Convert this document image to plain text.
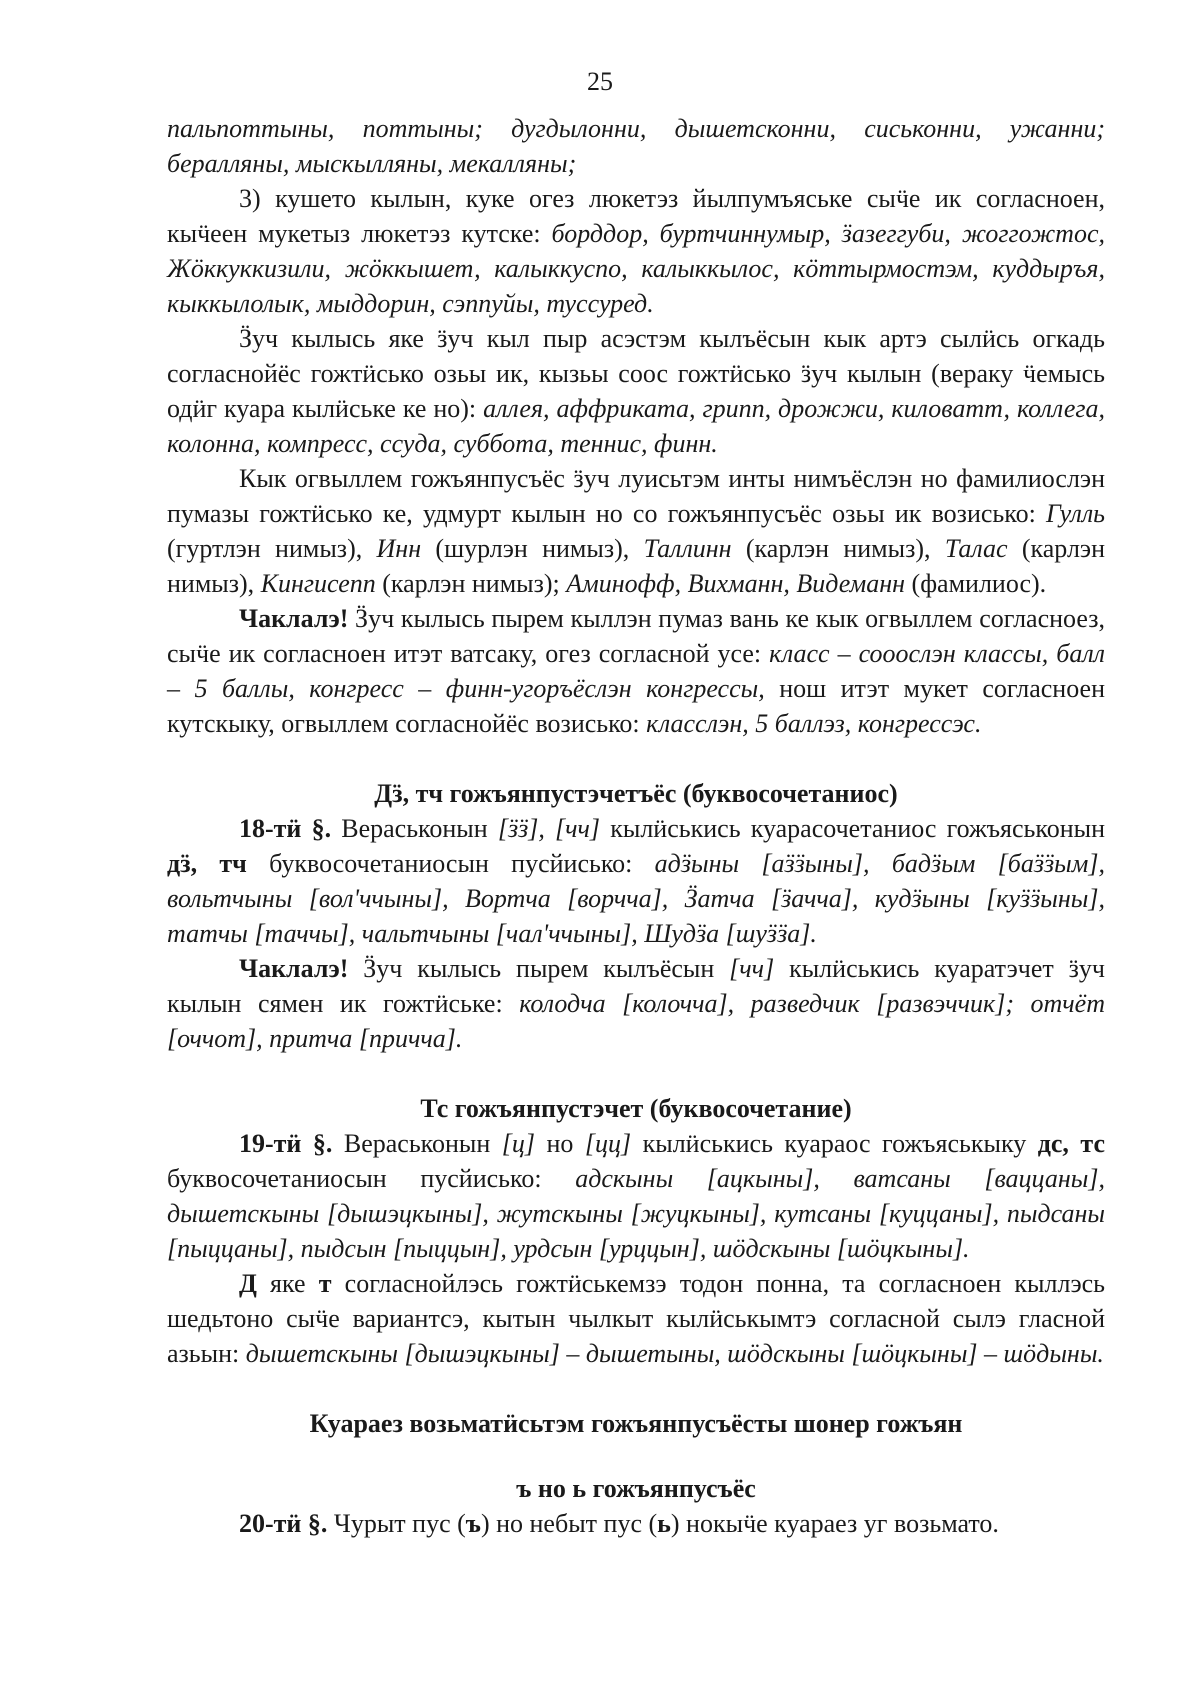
25

пальпоттыны, поттыны; дугдылонни, дышетсконни, сиськонни, ужанни; бералляны, мыскылляны, мекалляны;

3) кушето кылын, куке огез люкетэз йылпумъяське сыӵе ик согласноен, кыӵеен мукетыз люкетэз кутске: борддор, буртчиннумыр, ӟазеггуби, жоггожтос, Жӧккуккизили, жӧккышет, калыккуспо, калыккылос, кӧттырмостэм, куддыръя, кыккылолык, мыддорин, сэппуйы, туссуред.

Ӟуч кылысь яке ӟуч кыл пыр асэстэм кылъёсын кык артэ сылӥсь огкадь согласнойёс гожтӥсько озьы ик, кызьы соос гожтӥсько ӟуч кылын (вераку ӵемысь одӥг куара кылӥське ке но): аллея, аффриката, грипп, дрожжи, киловатт, коллега, колонна, компресс, ссуда, суббота, теннис, финн.

Кык огвыллем гожъянпусъёс ӟуч луисьтэм инты нимъёслэн но фамилиослэн пумазы гожтӥсько ке, удмурт кылын но со гожъянпусъёс озьы ик возисько: Гулль (гуртлэн нимыз), Инн (шурлэн нимыз), Таллинн (карлэн нимыз), Талас (карлэн нимыз), Кингисепп (карлэн нимыз); Аминофф, Вихманн, Видеманн (фамилиос).

Чаклалэ! Ӟуч кылысь пырем кыллэн пумаз вань ке кык огвыллем согласноез, сыӵе ик согласноен итэт ватсаку, огез согласной усе: класс – сооослэн классы, балл – 5 баллы, конгресс – финн-угоръёслэн конгрессы, нош итэт мукет согласноен кутскыку, огвыллем согласнойёс возисько: класслэн, 5 баллэз, конгрессэс.

Дӟ, тч гожъянпустэчетъёс (буквосочетаниос)

18-тӥ §. Вераськонын [ӟӟ], [чч] кылӥськись куарасочетаниос гожъяськонын дӟ, тч буквосочетаниосын пусйисько: адӟыны [аӟӟыны], бадӟым [баӟӟым], вольтчыны [вол'ччыны], Вортча [ворчча], Ӟатча [ӟачча], кудӟыны [куӟӟыны], татчы [таччы], чальтчыны [чал'ччыны], Шудӟа [шуӟӟа].

Чаклалэ! Ӟуч кылысь пырем кылъёсын [чч] кылӥськись куаратэчет ӟуч кылын сямен ик гожтӥське: колодча [колочча], разведчик [развэччик]; отчёт [оччот], притча [причча].

Тс гожъянпустэчет (буквосочетание)

19-тӥ §. Вераськонын [ц] но [цц] кылӥськись куараос гожъяськыку дс, тс буквосочетаниосын пусйисько: адскыны [ацкыны], ватсаны [ваццаны], дышетскыны [дышэцкыны], жутскыны [жуцкыны], кутсаны [куццаны], пыдсаны [пыццаны], пыдсын [пыццын], урдсын [урццын], шӧдскыны [шӧцкыны].

Д яке т согласнойлэсь гожтӥськемзэ тодон понна, та согласноен кыллэсь шедьтоно сыӵе вариантсэ, кытын чылкыт кылӥськымтэ согласной сылэ гласной азьын: дышетскыны [дышэцкыны] – дышетыны, шӧдскыны [шӧцкыны] – шӧдыны.

Куараез возьматӥсьтэм гожъянпусъёсты шонер гожъян
ъ но ь гожъянпусъёс

20-тӥ §. Чурыт пус (ъ) но небыт пус (ь) нокыӵе куараез уг возьмато.
